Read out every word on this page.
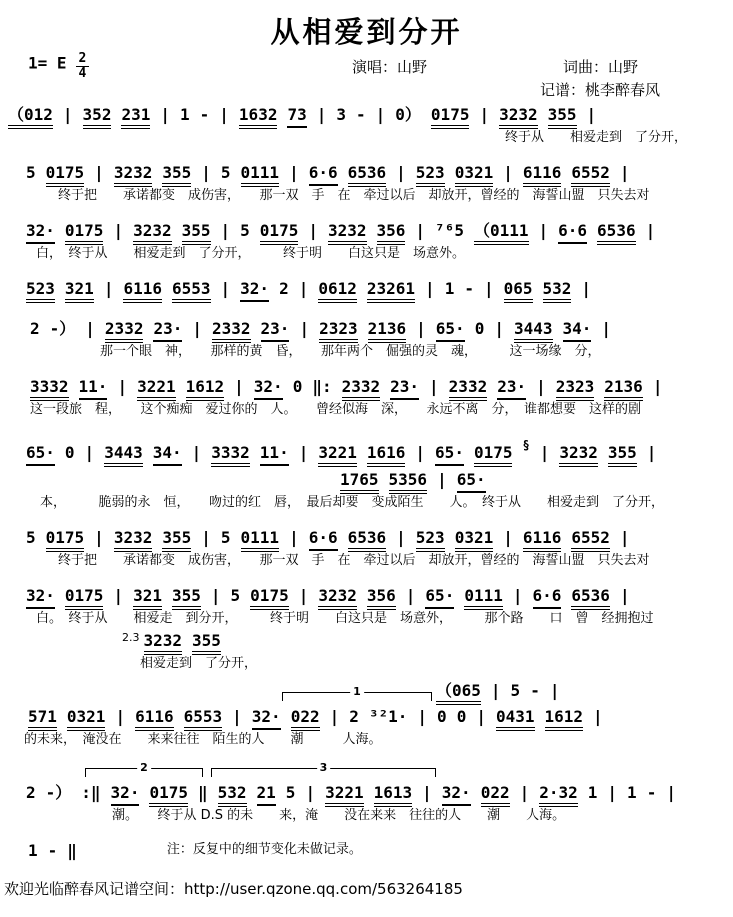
从相爱到分开
1= E $\frac{2}{4}$	演唱：山野	词曲：山野
记谱：桃李醉春风
（012 | 352 231 | 1 - | 1632 73 | 3 - | 0） 0175 | 3232 355 |
终于从　　相爱走到　了分开，
5 0175 | 3232 355 | 5 0111 | 6·6 6536 | 523 0321 | 6116 6552 |
终于把　　承诺都变　成伤害，　　那一双　手　在　牵过以后　却放开，曾经的　海誓山盟　只失去对
32· 0175 | 3232 355 | 5 0175 | 3232 356 | ⁷⁶5 （0111 | 6·6 6536 |
白，　终于从　　相爱走到　了分开，　　　终于明　　白这只是　场意外。
523 321 | 6116 6553 | 32· 2 | 0612 23261 | 1 - | 065 532 |
2 -） | 2332 23· | 2332 23· | 2323 2136 | 65· 0 | 3443 34· |
那一个眼　神，　　那样的黄　昏，　　那年两个　倔强的灵　魂，　　　这一场缘　分，
3332 11· | 3221 1612 | 32· 0 ‖: 2332 23· | 2332 23· | 2323 2136 |
这一段旅　程，　　这个痴痴　爱过你的　人。　　曾经似海　深，　　永远不离　分，　谁都想要　这样的剧
65· 0 | 3443 34· | 3332 11· | 3221 1616 | 65· 0175 § | 3232 355 |
1765 5356 | 65·
本，　　　脆弱的永　恒，　　吻过的红　唇，　最后却要　变成陌生　　人。　终于从　　相爱走到　了分开，
5 0175 | 3232 355 | 5 0111 | 6·6 6536 | 523 0321 | 6116 6552 |
终于把　　承诺都变　成伤害，　　那一双　手　在　牵过以后　却放开，曾经的　海誓山盟　只失去对
32· 0175 | 321 355 | 5 0175 | 3232 356 | 65· 0111 | 6·6 6536 |
白。　终于从　　相爱走　到分开，　　　终于明　　白这只是　场意外，　　　那个路　　口　曾　经拥抱过
2.3 3232 355
相爱走到　了分开，
1	（065 | 5 - |
571 0321 | 6116 6553 | 32· 022 | 2 ³²1· | 0 0 | 0431 1612 |
的未来，　淹没在　　来来往往　陌生的人　　潮　　　人海。
2	3
2 -） :‖ 32· 0175 ‖ 532 21 5 | 3221 1613 | 32· 022 | 2·32 1 | 1 - |
潮。　　终于从 D.S 的未　　来，淹　　没在来来　往往的人　　潮　　人海。
1 - ‖	$^{注:反复中的细节变化未做记录。}$
欢迎光临醉春风记谱空间：http://user.qzone.qq.com/563264185
